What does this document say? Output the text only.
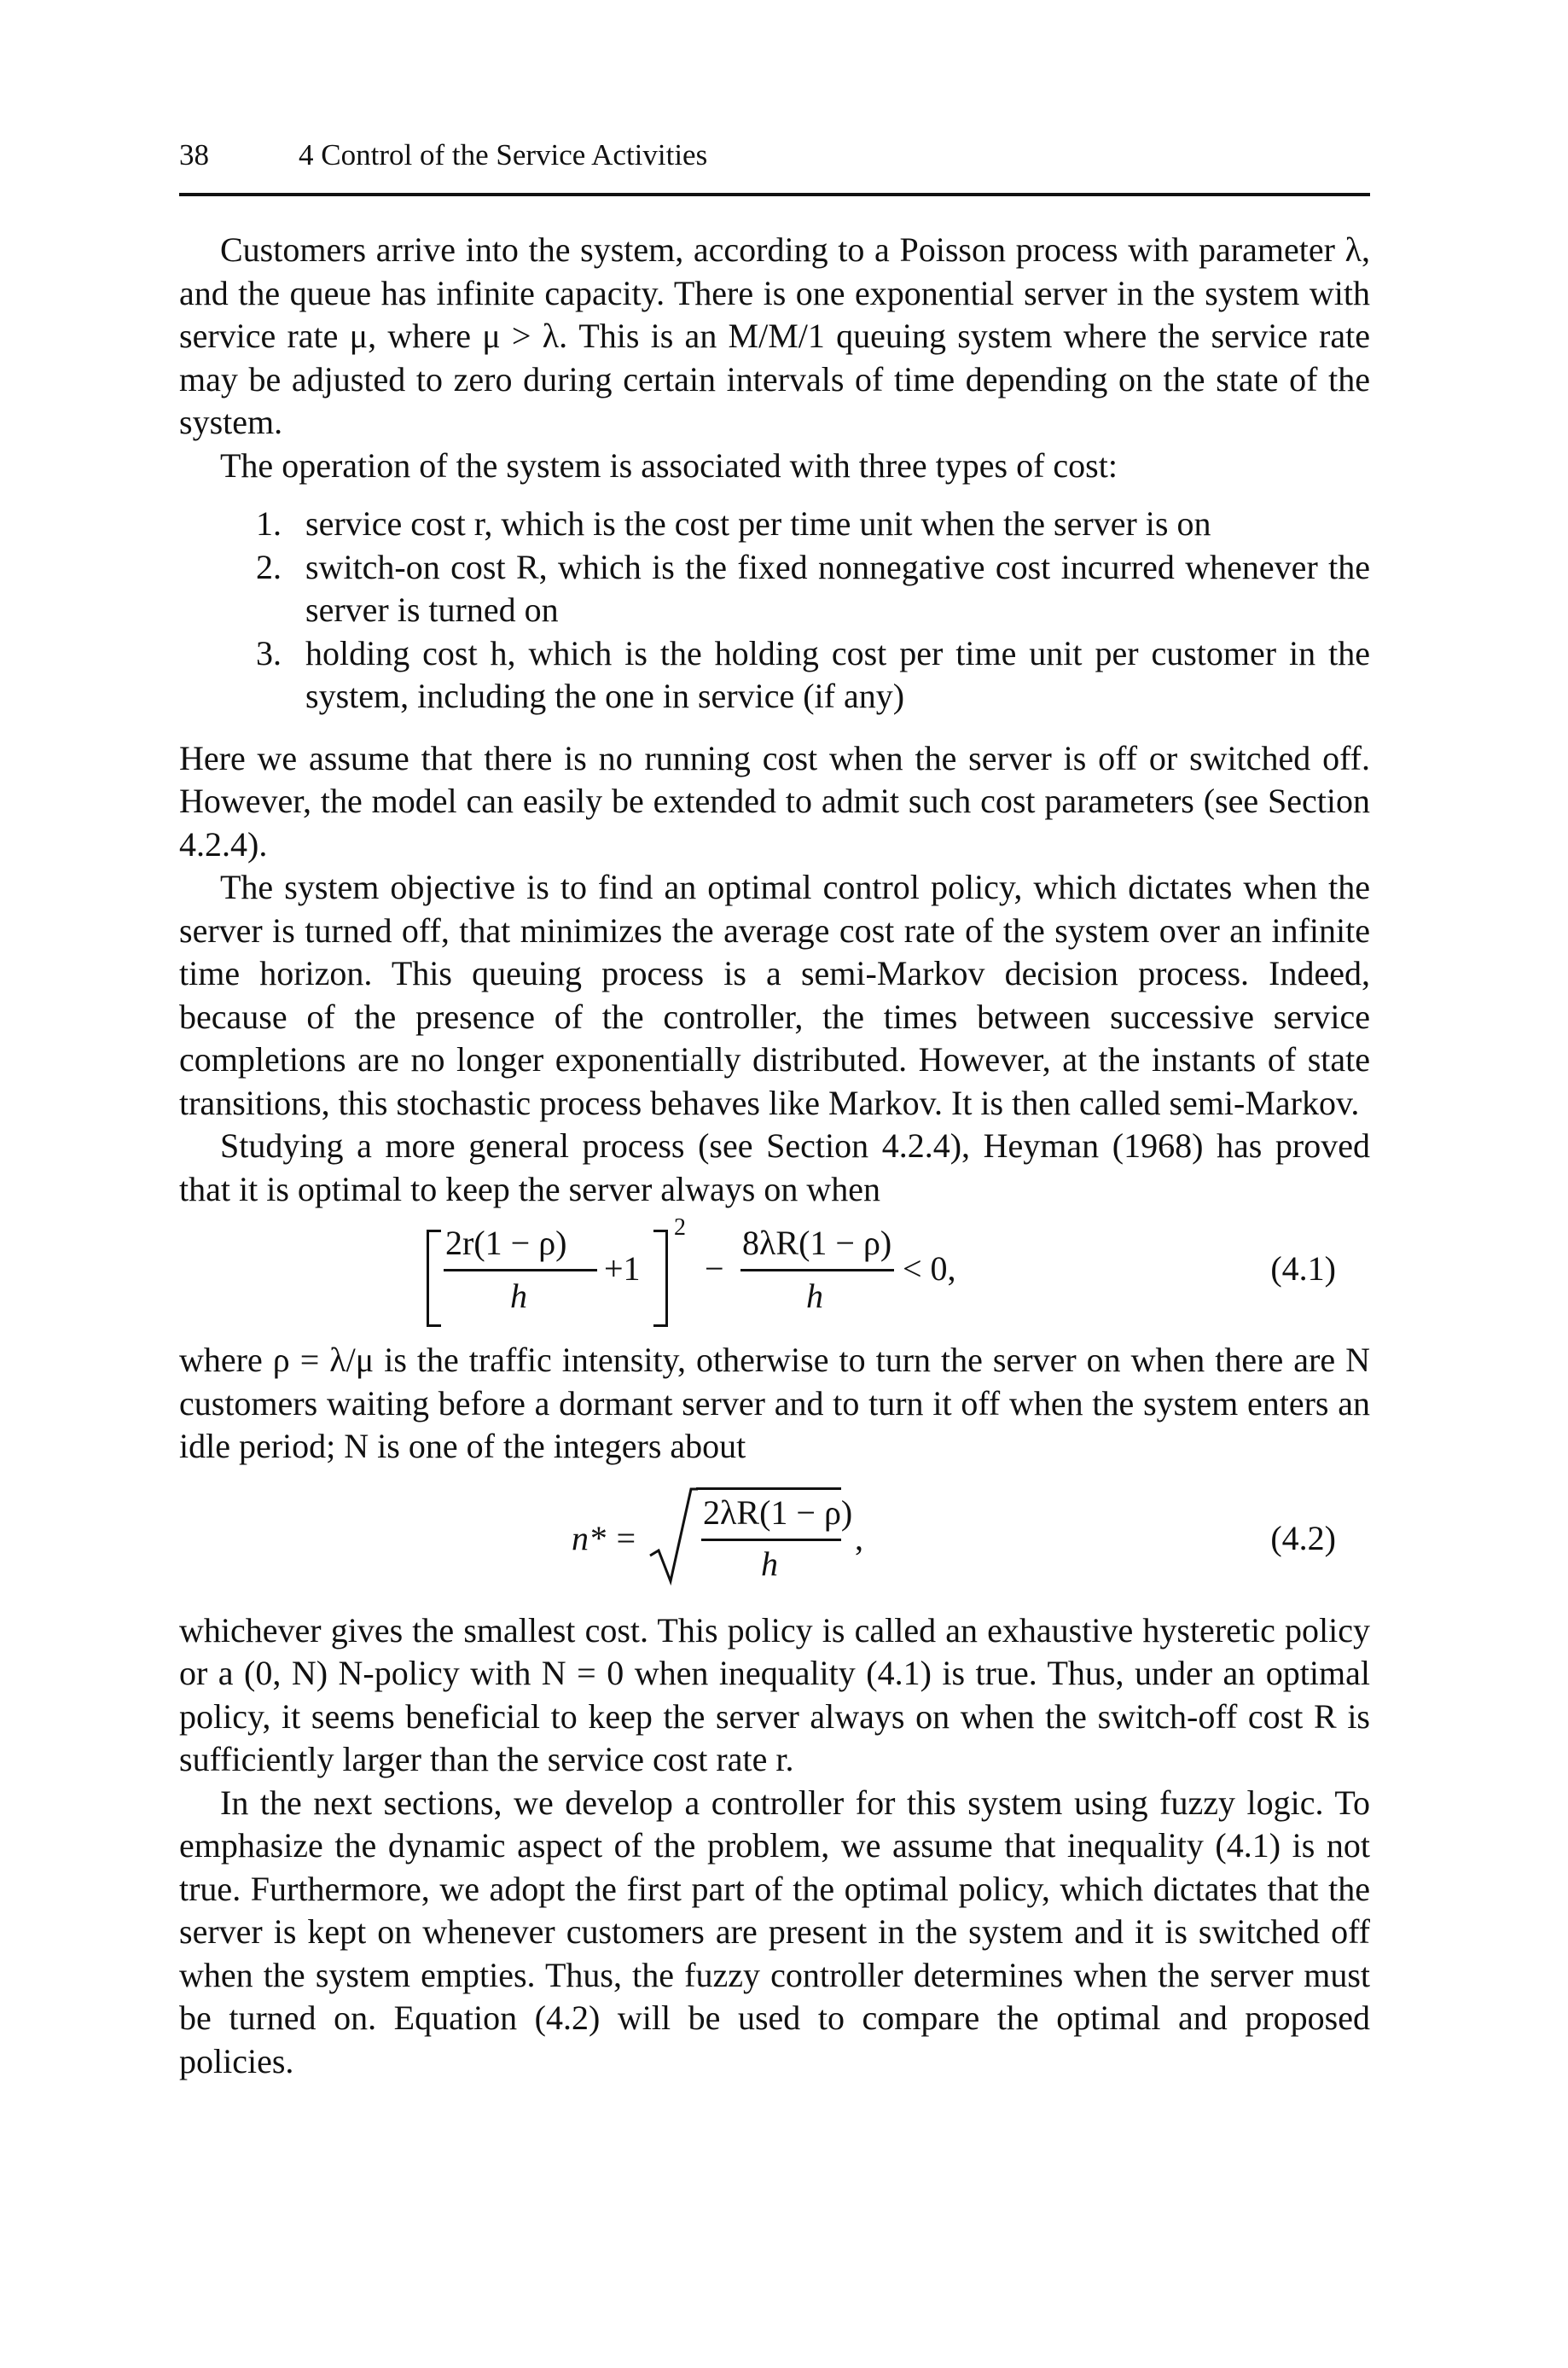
38	4 Control of the Service Activities

Customers arrive into the system, according to a Poisson process with parameter λ, and the queue has infinite capacity. There is one exponential server in the system with service rate μ, where μ > λ. This is an M/M/1 queuing system where the service rate may be adjusted to zero during certain intervals of time depending on the state of the system.

The operation of the system is associated with three types of cost:

1. service cost r, which is the cost per time unit when the server is on
2. switch-on cost R, which is the fixed nonnegative cost incurred whenever the server is turned on
3. holding cost h, which is the holding cost per time unit per customer in the system, including the one in service (if any)

Here we assume that there is no running cost when the server is off or switched off. However, the model can easily be extended to admit such cost parameters (see Section 4.2.4).

The system objective is to find an optimal control policy, which dictates when the server is turned off, that minimizes the average cost rate of the system over an infinite time horizon. This queuing process is a semi-Markov decision process. Indeed, because of the presence of the controller, the times between successive service completions are no longer exponentially distributed. However, at the instants of state transitions, this stochastic process behaves like Markov. It is then called semi-Markov.

Studying a more general process (see Section 4.2.4), Heyman (1968) has proved that it is optimal to keep the server always on when

2r(1 − ρ)
h
+1
2
−
8λR(1 − ρ)
h
< 0,	(4.1)

where ρ = λ/μ is the traffic intensity, otherwise to turn the server on when there are N customers waiting before a dormant server and to turn it off when the system enters an idle period; N is one of the integers about

n* =
2λR(1 − ρ)
h
,	(4.2)

whichever gives the smallest cost. This policy is called an exhaustive hysteretic policy or a (0, N) N-policy with N = 0 when inequality (4.1) is true. Thus, under an optimal policy, it seems beneficial to keep the server always on when the switch-off cost R is sufficiently larger than the service cost rate r.

In the next sections, we develop a controller for this system using fuzzy logic. To emphasize the dynamic aspect of the problem, we assume that inequality (4.1) is not true. Furthermore, we adopt the first part of the optimal policy, which dictates that the server is kept on whenever customers are present in the system and it is switched off when the system empties. Thus, the fuzzy controller determines when the server must be turned on. Equation (4.2) will be used to compare the optimal and proposed policies.
